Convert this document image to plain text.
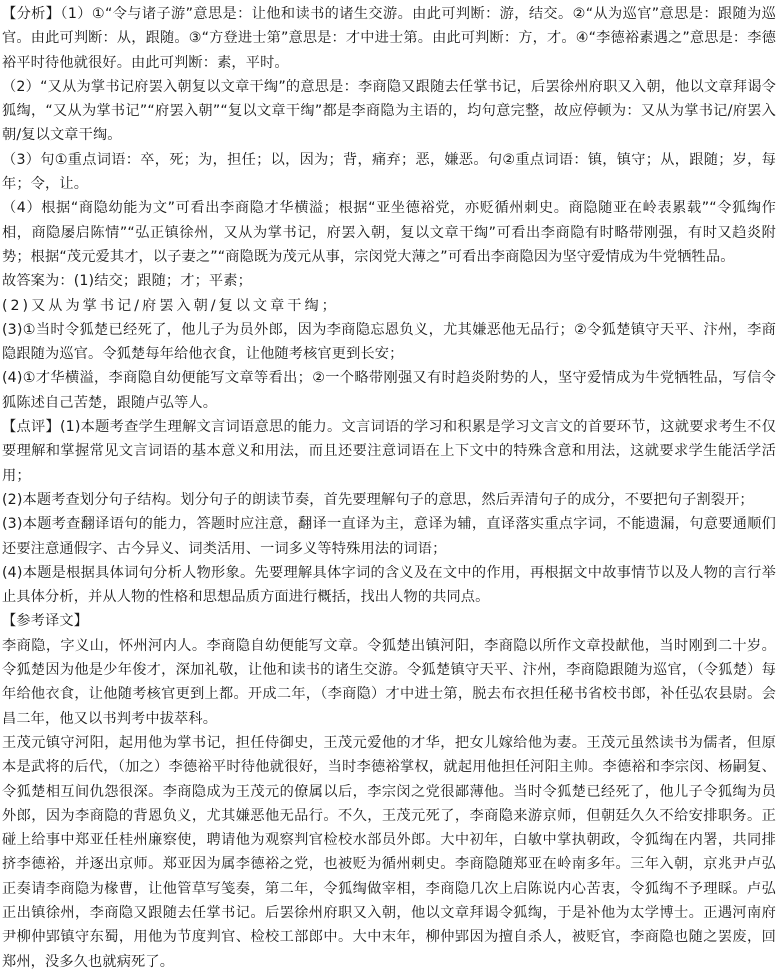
【分析】（1）①“令与诸子游”意思是：让他和读书的诸生交游。由此可判断：游，结交。②“从为巡官”意思是：跟随为巡官。由此可判断：从，跟随。③“方登进士第”意思是：才中进士第。由此可判断：方，才。④“李德裕素遇之”意思是：李德裕平时待他就很好。由此可判断：素，平时。

（2）“又从为掌书记府罢入朝复以文章干绹”的意思是：李商隐又跟随去任掌书记，后罢徐州府职又入朝，他以文章拜谒令狐绹，“又从为掌书记”“府罢入朝”“复以文章干绹”都是李商隐为主语的，均句意完整，故应停顿为：又从为掌书记/府罢入朝/复以文章干绹。

（3）句①重点词语：卒，死；为，担任；以，因为；背，痛弃；恶，嫌恶。句②重点词语：镇，镇守；从，跟随；岁，每年；令，让。

（4）根据“商隐幼能为文”可看出李商隐才华横溢；根据“亚坐德裕党，亦贬循州刺史。商隐随亚在岭表累载”“令狐绹作相，商隐屡启陈情”“弘正镇徐州，又从为掌书记，府罢入朝，复以文章干绹”可看出李商隐有时略带刚强，有时又趋炎附势；根据“茂元爱其才，以子妻之”“商隐既为茂元从事，宗闵党大薄之”可看出李商隐因为坚守爱情成为牛党牺牲品。

故答案为：(1)结交；跟随；才；平素；

(2)又从为掌书记/府罢入朝/复以文章干绹；

(3)①当时令狐楚已经死了，他儿子为员外郎，因为李商隐忘恩负义，尤其嫌恶他无品行；②令狐楚镇守天平、汴州，李商隐跟随为巡官。令狐楚每年给他衣食，让他随考核官更到长安；

(4)①才华横溢，李商隐自幼便能写文章等看出；②一个略带刚强又有时趋炎附势的人，坚守爱情成为牛党牺牲品，写信令狐陈述自己苦楚，跟随卢弘等人。

【点评】(1)本题考查学生理解文言词语意思的能力。文言词语的学习和积累是学习文言文的首要环节，这就要求考生不仅要理解和掌握常见文言词语的基本意义和用法，而且还要注意词语在上下文中的特殊含意和用法，这就要求学生能活学活用；

(2)本题考查划分句子结构。划分句子的朗读节奏，首先要理解句子的意思，然后弄清句子的成分，不要把句子割裂开；

(3)本题考查翻译语句的能力，答题时应注意，翻译一直译为主，意译为辅，直译落实重点字词，不能遗漏，句意要通顺们还要注意通假字、古今异义、词类活用、一词多义等特殊用法的词语；

(4)本题是根据具体词句分析人物形象。先要理解具体字词的含义及在文中的作用，再根据文中故事情节以及人物的言行举止具体分析，并从人物的性格和思想品质方面进行概括，找出人物的共同点。

【参考译文】

李商隐，字义山，怀州河内人。李商隐自幼便能写文章。令狐楚出镇河阳，李商隐以所作文章投献他，当时刚到二十岁。令狐楚因为他是少年俊才，深加礼敬，让他和读书的诸生交游。令狐楚镇守天平、汴州，李商隐跟随为巡官，（令狐楚）每年给他衣食，让他随考核官更到上都。开成二年，（李商隐）才中进士第，脱去布衣担任秘书省校书郎，补任弘农县尉。会昌二年，他又以书判考中拔萃科。

王茂元镇守河阳，起用他为掌书记，担任侍御史，王茂元爱他的才华，把女儿嫁给他为妻。王茂元虽然读书为儒者，但原本是武将的后代，（加之）李德裕平时待他就很好，当时李德裕掌权，就起用他担任河阳主帅。李德裕和李宗闵、杨嗣复、令狐楚相互间仇怨很深。李商隐成为王茂元的僚属以后，李宗闵之党很鄙薄他。当时令狐楚已经死了，他儿子令狐绹为员外郎，因为李商隐的背恩负义，尤其嫌恶他无品行。不久，王茂元死了，李商隐来游京师，但朝廷久久不给安排职务。正碰上给事中郑亚任桂州廉察使，聘请他为观察判官检校水部员外郎。大中初年，白敏中掌执朝政，令狐绹在内署，共同排挤李德裕，并逐出京师。郑亚因为属李德裕之党，也被贬为循州刺史。李商隐随郑亚在岭南多年。三年入朝，京兆尹卢弘正奏请李商隐为椽曹，让他管草写笺奏，第二年，令狐绹做宰相，李商隐几次上启陈说内心苦衷，令狐绹不予理睬。卢弘正出镇徐州，李商隐又跟随去任掌书记。后罢徐州府职又入朝，他以文章拜谒令狐绹，于是补他为太学博士。正遇河南府尹柳仲郢镇守东蜀，用他为节度判官、检校工部郎中。大中末年，柳仲郢因为擅自杀人，被贬官，李商隐也随之罢废，回郑州，没多久也就病死了。
